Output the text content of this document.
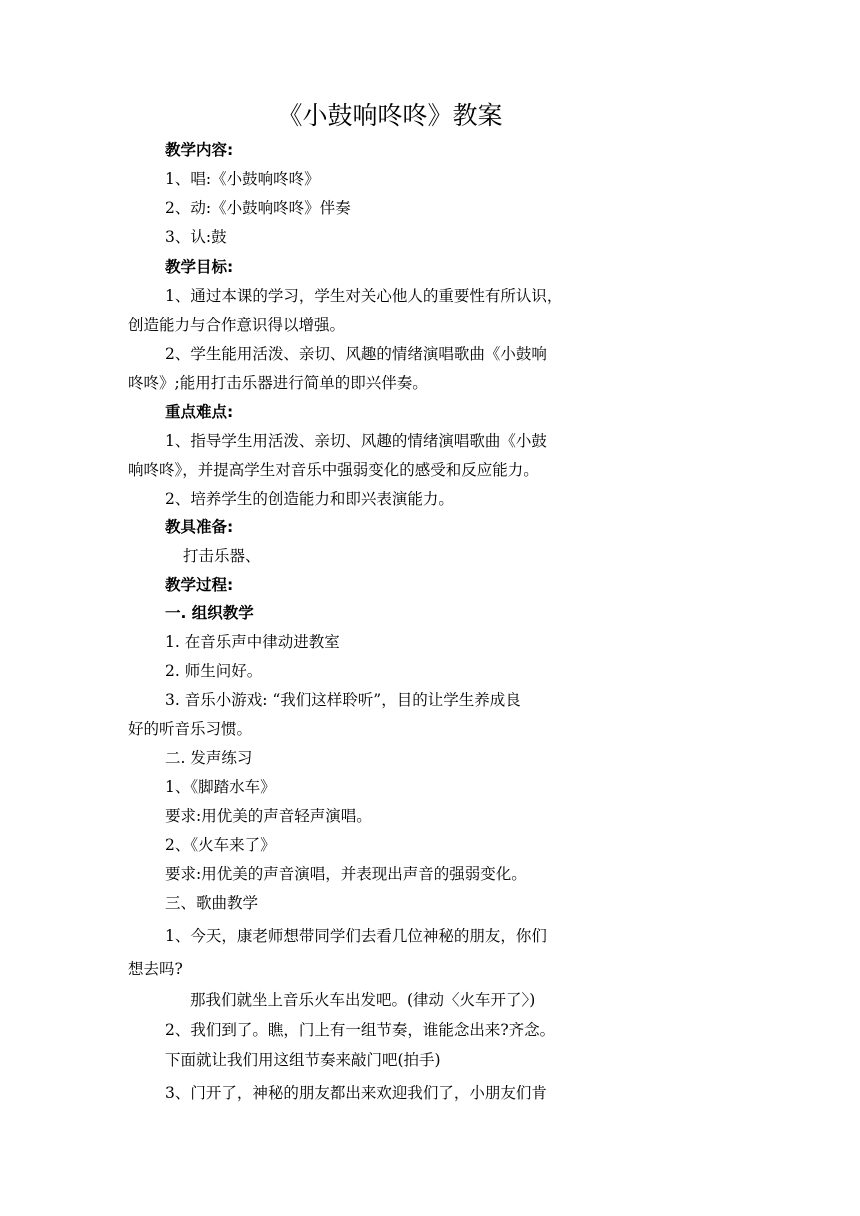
《小鼓响咚咚》教案
教学内容:
1、唱:《小鼓响咚咚》
2、动:《小鼓响咚咚》伴奏
3、认:鼓
教学目标:
1、通过本课的学习，学生对关心他人的重要性有所认识，
创造能力与合作意识得以增强。
2、学生能用活泼、亲切、风趣的情绪演唱歌曲《小鼓响
咚咚》;能用打击乐器进行简单的即兴伴奏。
重点难点:
1、指导学生用活泼、亲切、风趣的情绪演唱歌曲《小鼓
响咚咚》，并提高学生对音乐中强弱变化的感受和反应能力。
2、培养学生的创造能力和即兴表演能力。
教具准备:
打击乐器、
教学过程:
一. 组织教学
1. 在音乐声中律动进教室
2. 师生问好。
3. 音乐小游戏: “我们这样聆听”，目的让学生养成良
好的听音乐习惯。
二. 发声练习
1、《脚踏水车》
要求:用优美的声音轻声演唱。
2、《火车来了》
要求:用优美的声音演唱，并表现出声音的强弱变化。
三、歌曲教学
1、今天，康老师想带同学们去看几位神秘的朋友，你们
想去吗?
那我们就坐上音乐火车出发吧。(律动〈火车开了〉)
2、我们到了。瞧，门上有一组节奏，谁能念出来?齐念。
下面就让我们用这组节奏来敲门吧(拍手)
3、门开了，神秘的朋友都出来欢迎我们了，小朋友们肯
